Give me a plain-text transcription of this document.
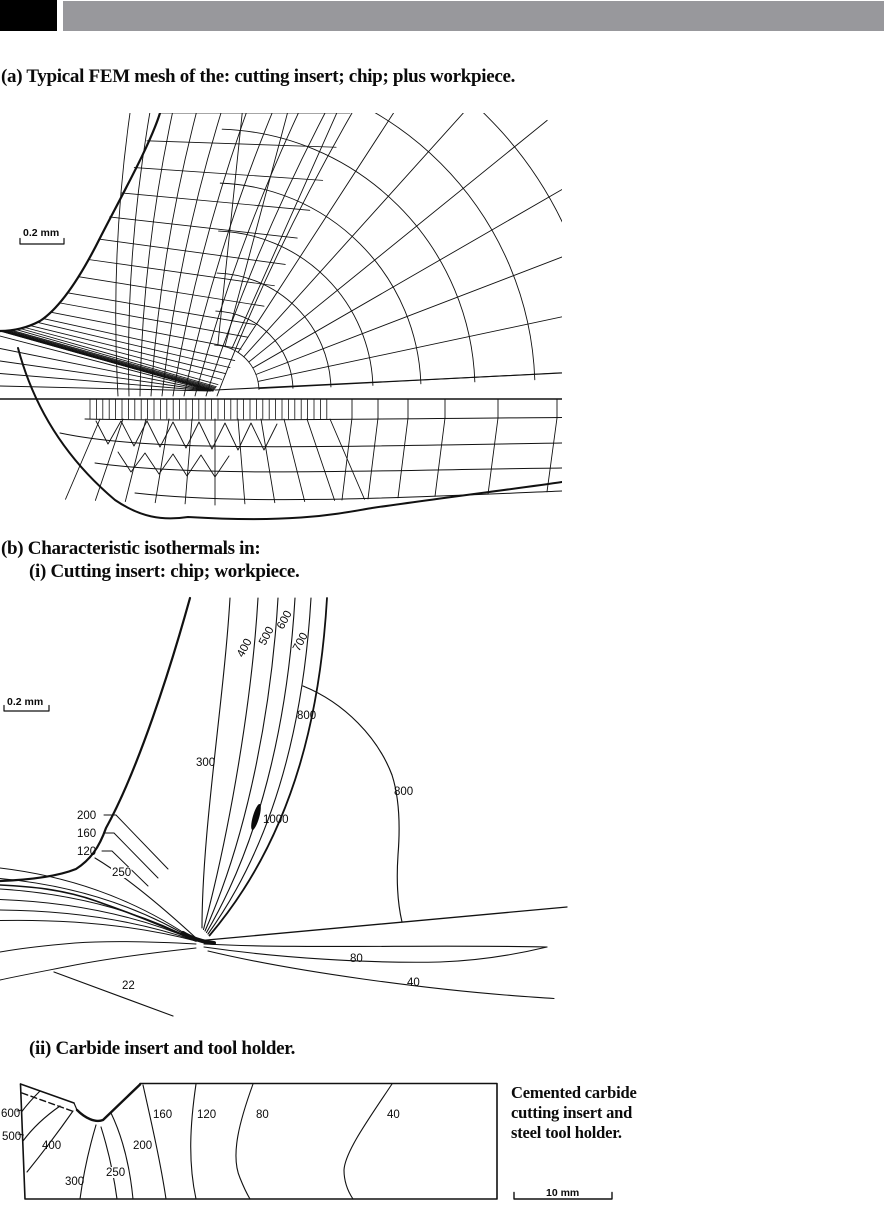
0.2 mm
0.2 mm
400
500
600
700
300
800
800
1000
200
160
120
250
80
40
22
10 mm
600
500
400
300
250
200
160 120	80	40
(a) Typical FEM mesh of the: cutting insert; chip; plus workpiece.
(b) Characteristic isothermals in:
(i) Cutting insert: chip; workpiece.
(ii) Carbide insert and tool holder.
Cemented carbide
cutting insert and
steel tool holder.
